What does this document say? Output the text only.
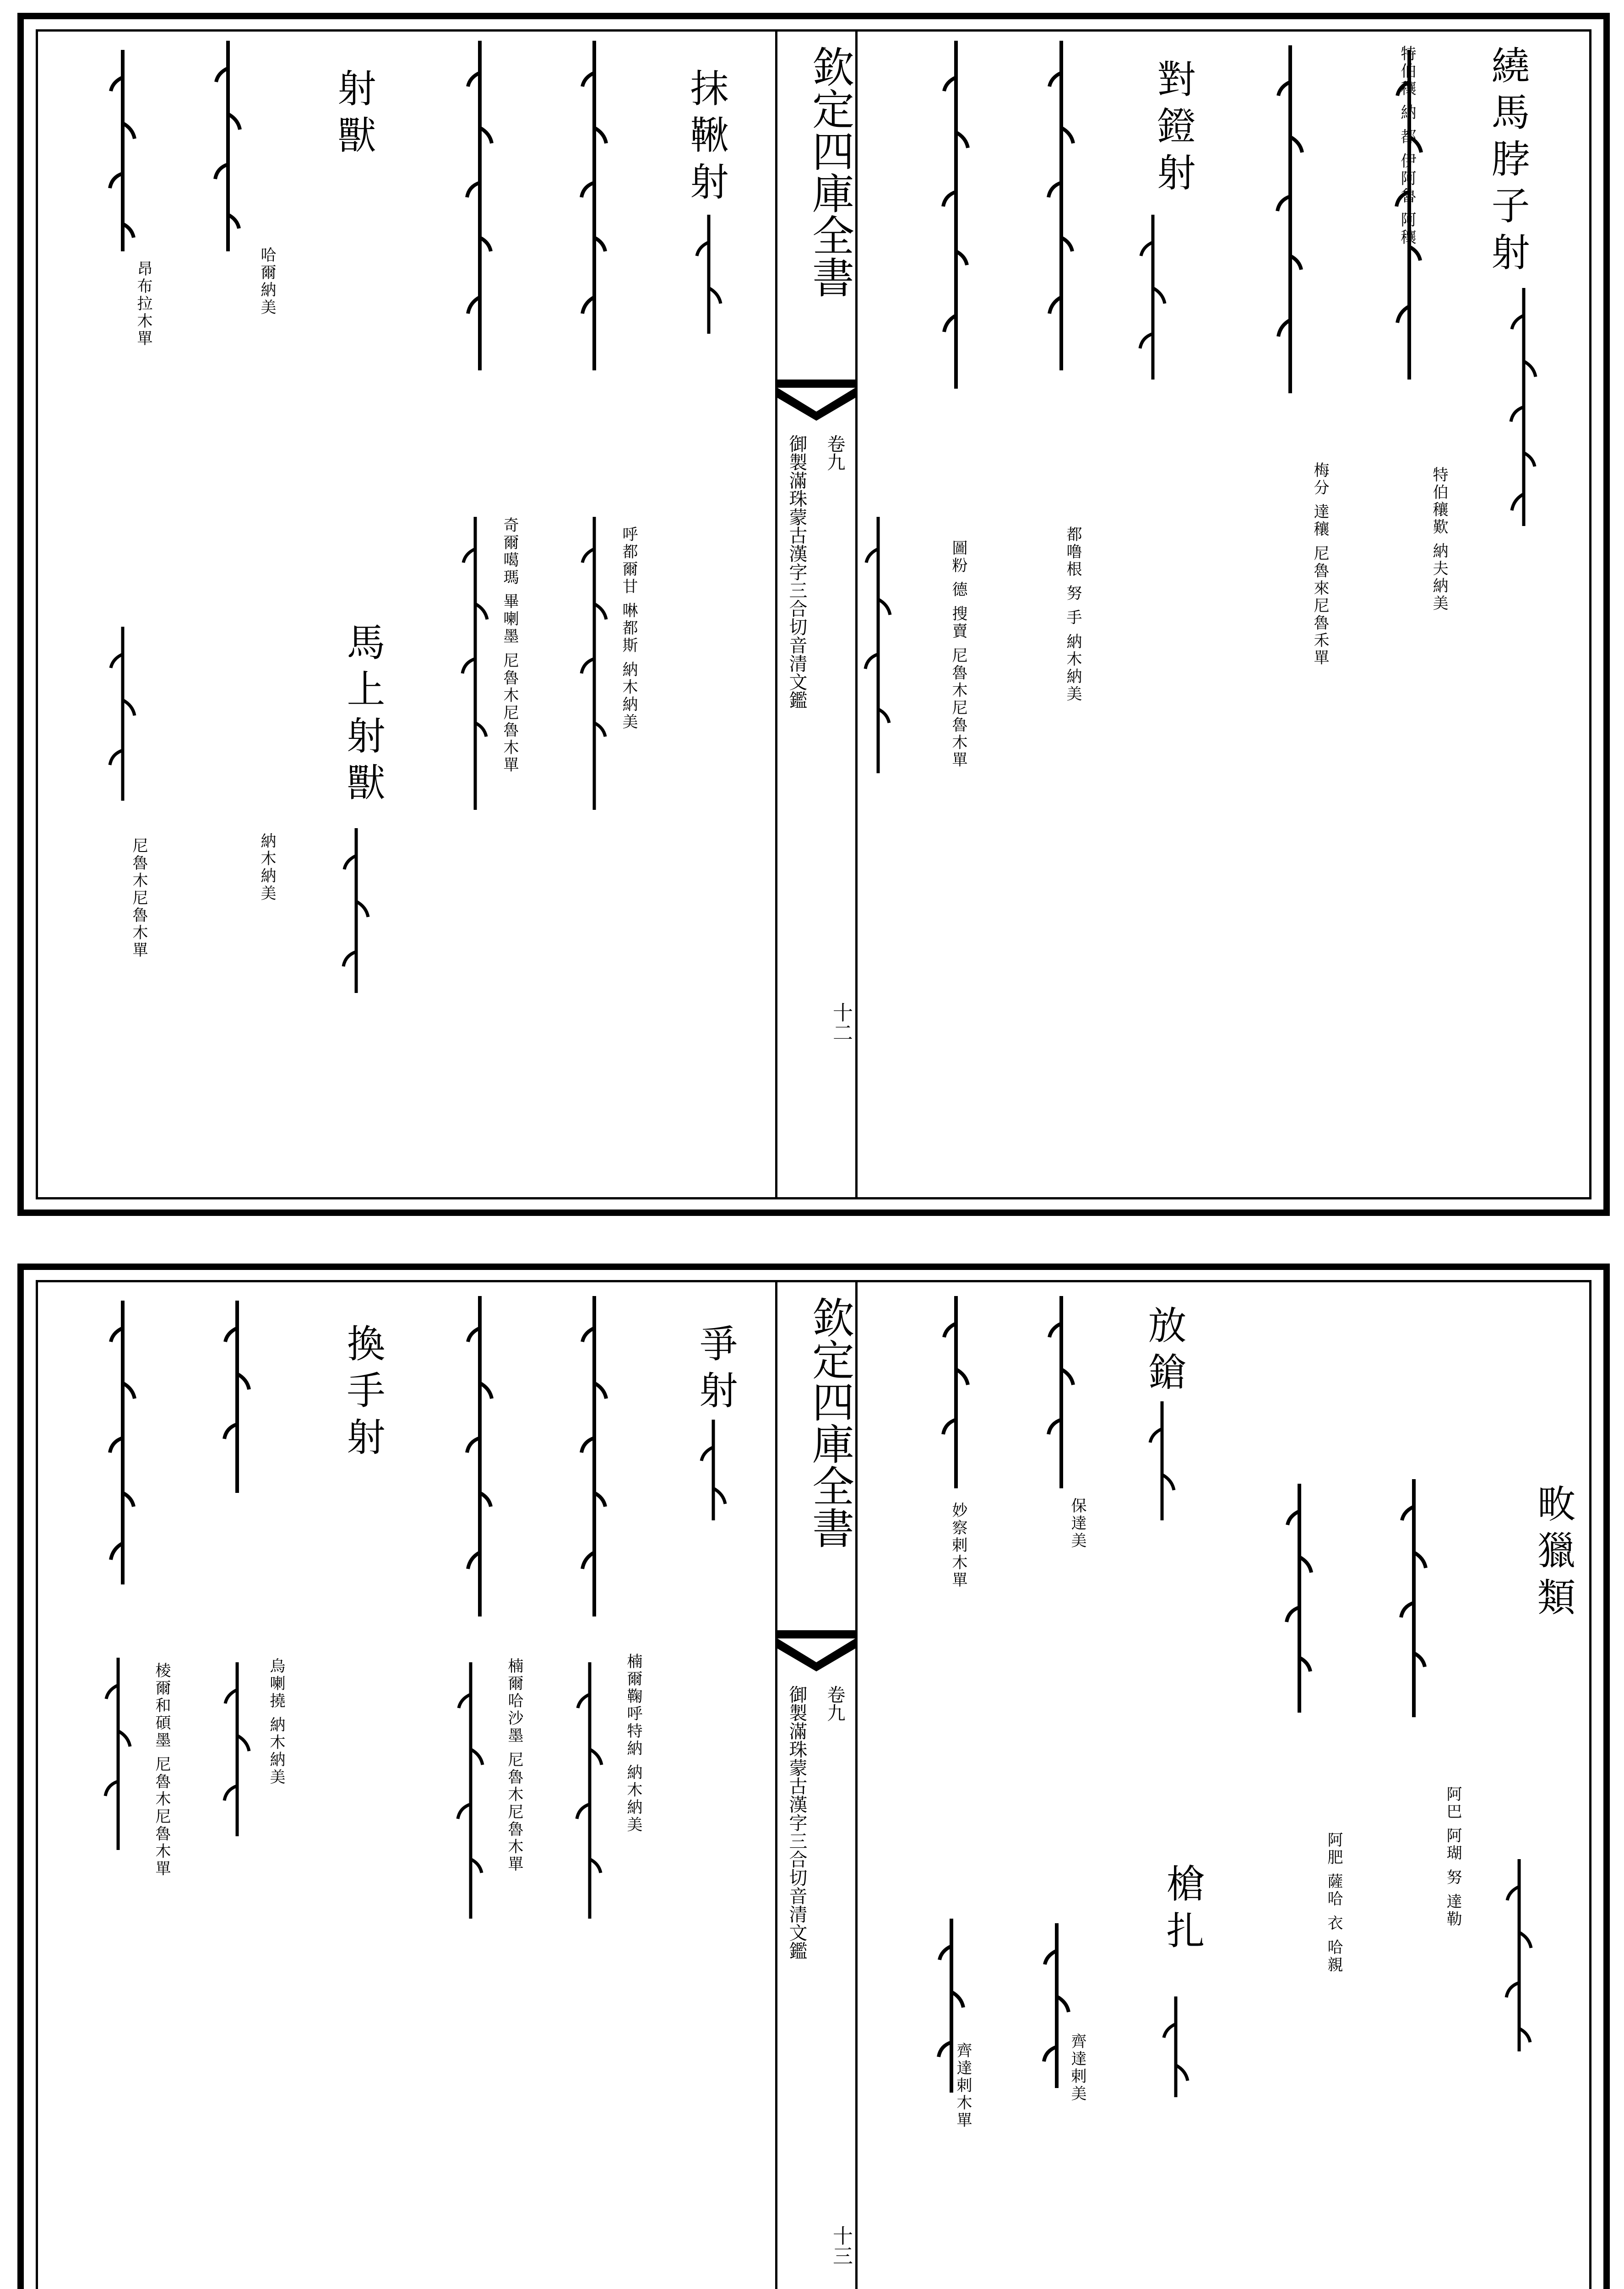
欽定四庫全書
御製滿珠蒙古漢字三合切音清文鑑 卷九
十二
繞馬脖子射
對鐙射
特伯穰歎 納夫納美
梅分 達穰 尼魯來尼魯禾單
都噜根 努 手 納木納美
圖粉 德 搜賣 尼魯木尼魯木單
特伯穰 納 都 伊阿魯 阿穰
抹鞦射
射獸
馬上射獸	呼都爾甘 啉都斯 納木納美
奇爾噶瑪 畢喇墨 尼魯木尼魯木單
哈爾納美
昂布拉木單
納木納美
尼魯木尼魯木單
欽定四庫全書
御製滿珠蒙古漢字三合切音清文鑑 卷九
十三
畋獵類
放鎗
槍扎	阿巴 阿瑚 努 達勒
阿肥 薩哈 衣 哈親
保達美
妙察剌木單
齊達剌美
齊達剌木單
爭射
換手射
楠爾鞠呼特納 納木納美
楠爾哈沙墨 尼魯木尼魯木單
烏喇撓 納木納美
棱爾和碩墨 尼魯木尼魯木單
